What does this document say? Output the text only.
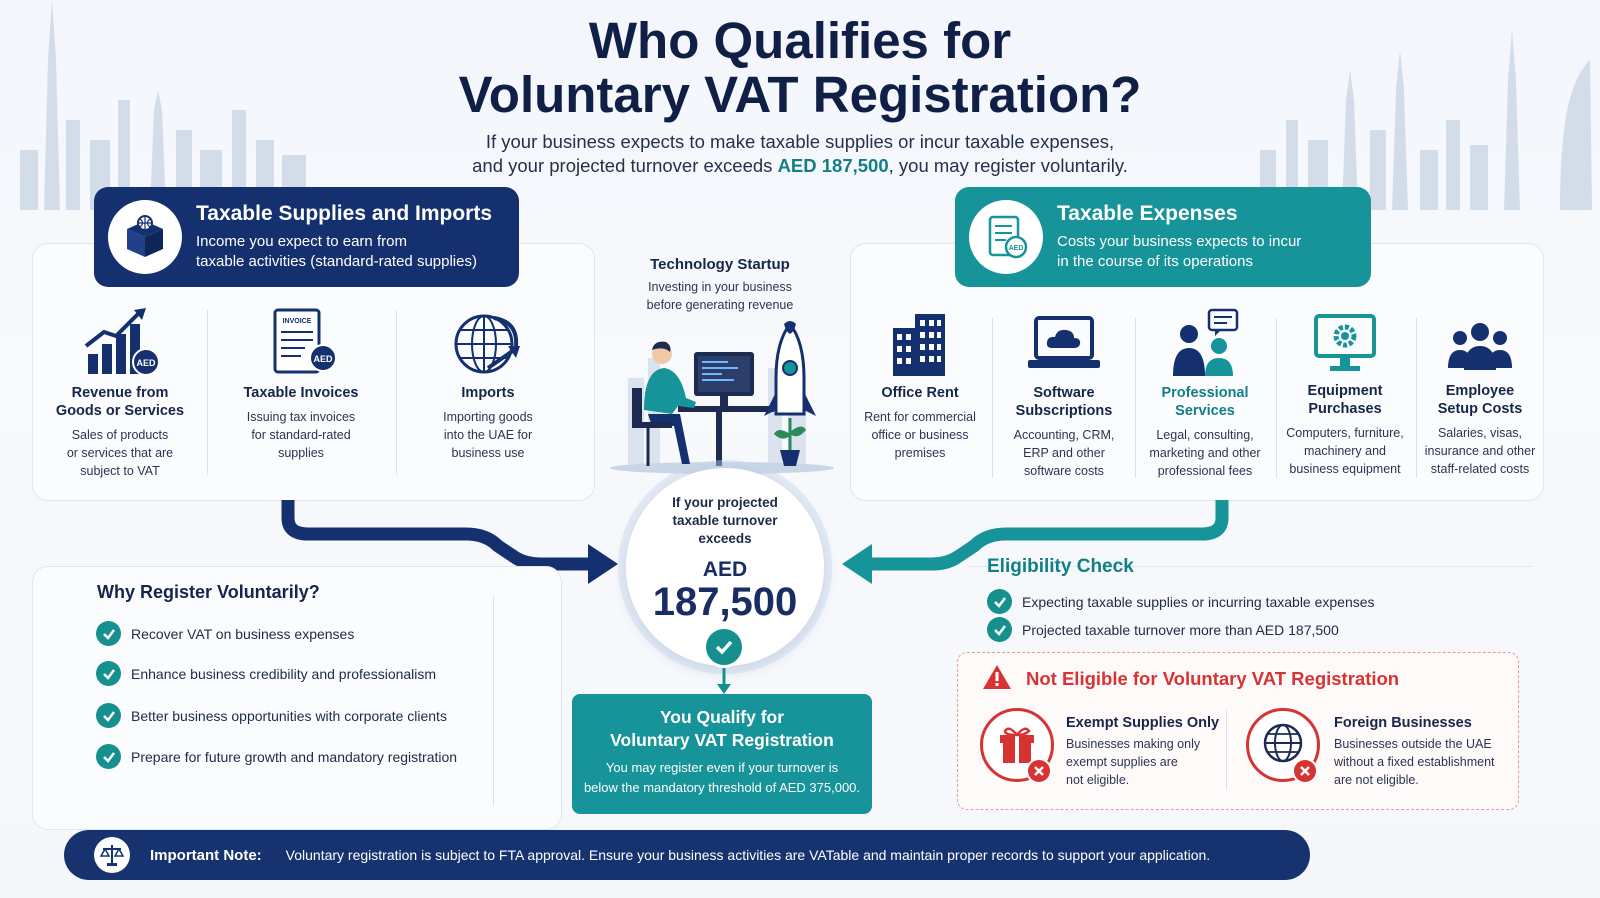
Who Qualifies for
Voluntary VAT Registration?
If your business expects to make taxable supplies or incur taxable expenses,
and your projected turnover exceeds AED 187,500, you may register voluntarily.
Taxable Supplies and Imports

Income you expect to earn from
taxable activities (standard-rated supplies)

AED
Revenue from
Goods or Services

Sales of products
or services that are
subject to VAT

INVOICE
AED
Taxable Invoices

Issuing tax invoices
for standard-rated
supplies

Imports

Importing goods
into the UAE for
business use

AED
Taxable Expenses

Costs your business expects to incur
in the course of its operations

Office Rent

Rent for commercial
office or business
premises

Software
Subscriptions

Accounting, CRM,
ERP and other
software costs

Professional
Services

Legal, consulting,
marketing and other
professional fees

Equipment
Purchases

Computers, furniture,
machinery and
business equipment

Employee
Setup Costs

Salaries, visas,
insurance and other
staff-related costs

Technology Startup
Investing in your business
before generating revenue
If your projected
taxable turnover
exceeds
AED
187,500
You Qualify for
Voluntary VAT Registration

You may register even if your turnover is
below the mandatory threshold of AED 375,000.

Why Register Voluntarily?
Recover VAT on business expenses
Enhance business credibility and professionalism
Better business opportunities with corporate clients
Prepare for future growth and mandatory registration
Eligibility Check
Expecting taxable supplies or incurring taxable expenses
Projected taxable turnover more than AED 187,500
Not Eligible for Voluntary VAT Registration
Exempt Supplies Only

Businesses making only
exempt supplies are
not eligible.

Foreign Businesses

Businesses outside the UAE
without a fixed establishment
are not eligible.

Important Note: Voluntary registration is subject to FTA approval. Ensure your business activities are VATable and maintain proper records to support your application.
